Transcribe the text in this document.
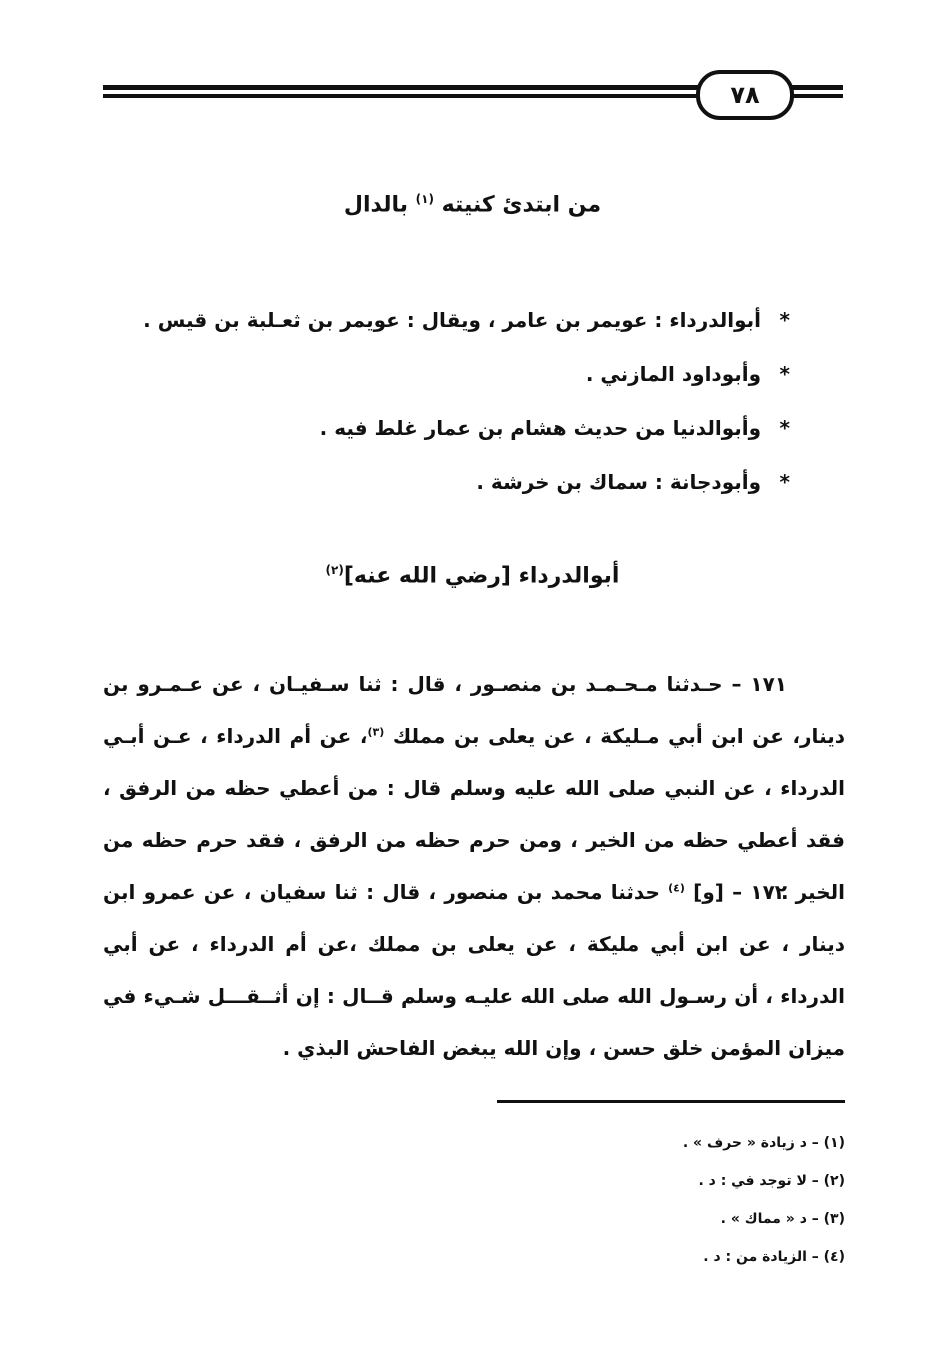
٧٨
من ابتدئ كنيته $^{(١)}$ بالدال
* أبوالدرداء : عويمر بن عامر ، ويقال : عويمر بن ثعـلبة بن قيس .
* وأبوداود المازني .
* وأبوالدنيا من حديث هشام بن عمار غلط فيه .
* وأبودجانة : سماك بن خرشة .
أبوالدرداء [رضي الله عنه]$^{(٢)}$
١٧١ – حـدثنا مـحـمـد بن منصـور ، قال : ثنا سـفيـان ، عن عـمـرو بن دينار، عن ابن أبي مـليكة ، عن يعلى بن مملك $^{(٣)}$، عن أم الدرداء ، عـن أبـي الدرداء ، عن النبي صلى الله عليه وسلم قال : من أعطي حظه من الرفق ، فقد أعطي حظه من الخير ، ومن حرم حظه من الرفق ، فقد حرم حظه من الخير .
١٧٢ – [و] $^{(٤)}$ حدثنا محمد بن منصور ، قال : ثنا سفيان ، عن عمرو ابن دينار ، عن ابن أبي مليكة ، عن يعلى بن مملك ،عن أم الدرداء ، عن أبي الدرداء ، أن رسـول الله صلى الله عليـه وسلم قــال : إن أثــقـــل شـيء في ميزان المؤمن خلق حسن ، وإن الله يبغض الفاحش البذي .
(١) – د زيادة « حرف » .
(٢) – لا توجد في : د .
(٣) – د « مماك » .
(٤) – الزيادة من : د .
